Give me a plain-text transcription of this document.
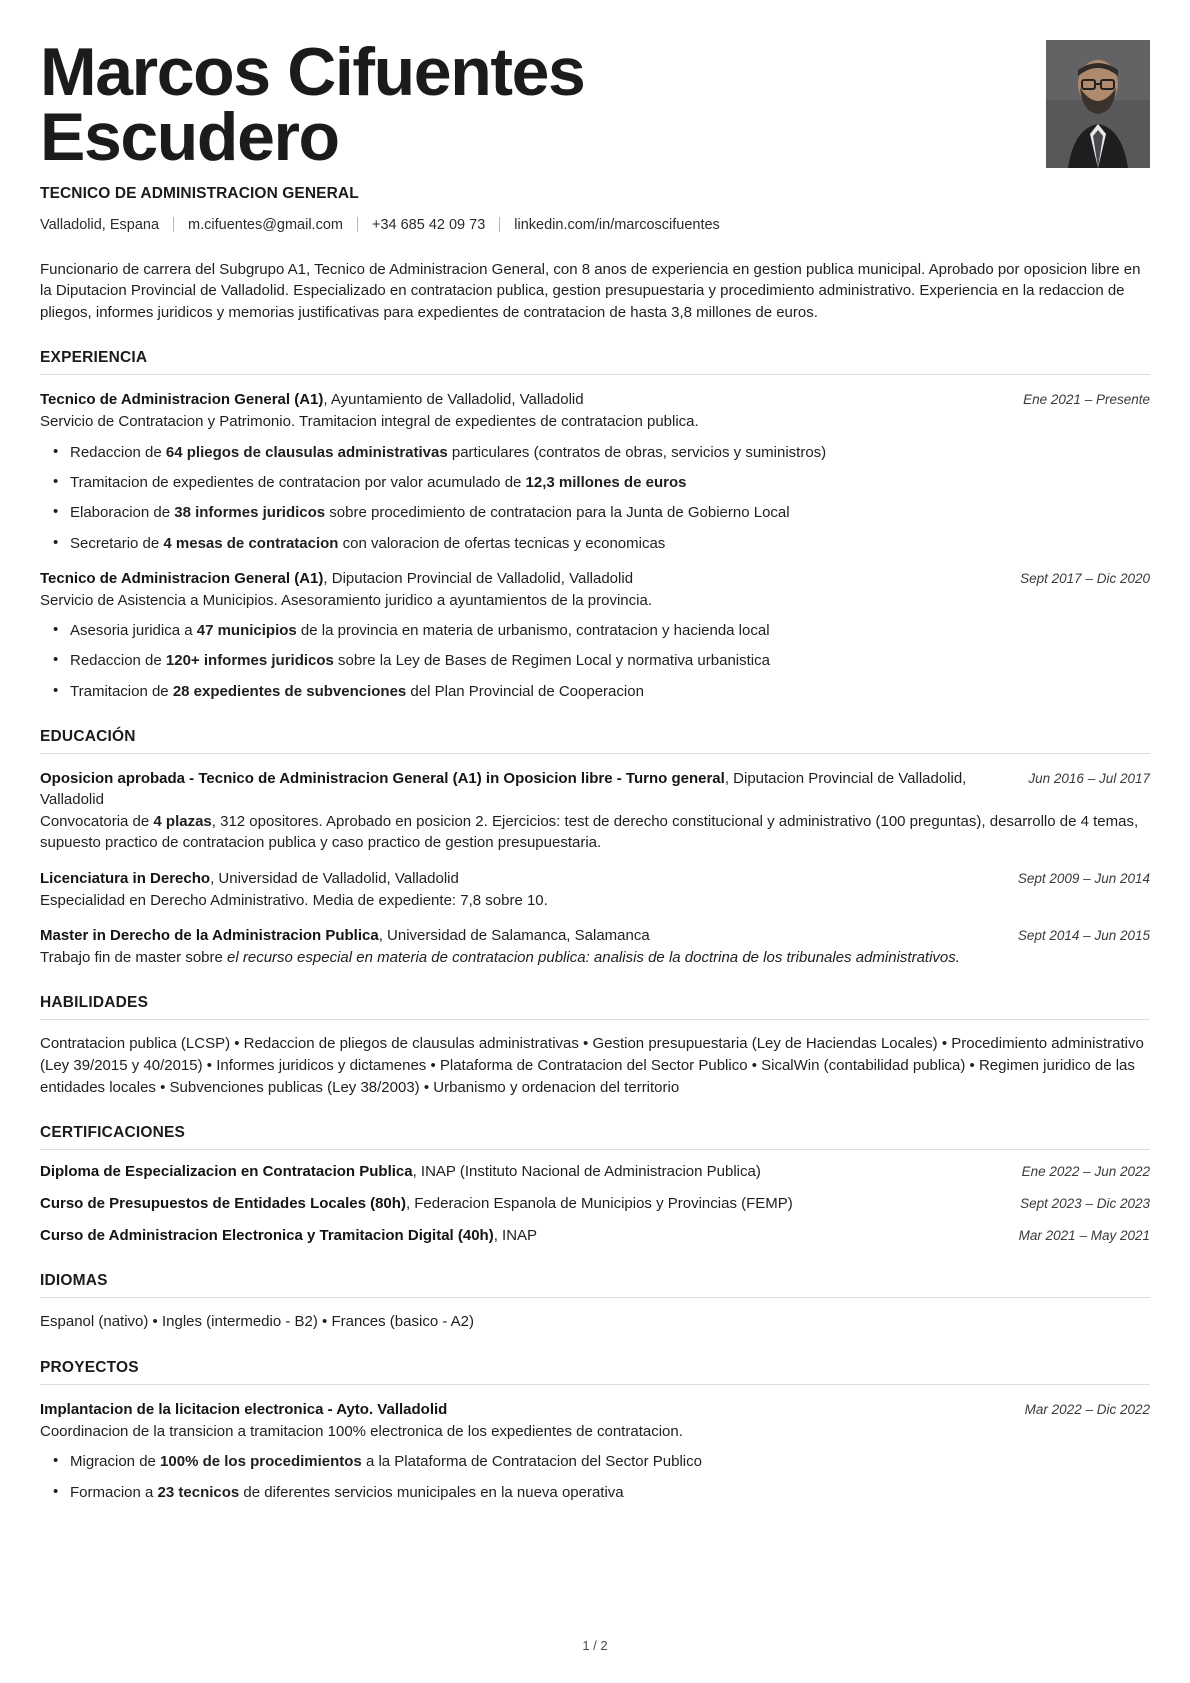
Marcos Cifuentes Escudero
TECNICO DE ADMINISTRACION GENERAL
Valladolid, Espana m.cifuentes@gmail.com +34 685 42 09 73 linkedin.com/in/marcoscifuentes
Funcionario de carrera del Subgrupo A1, Tecnico de Administracion General, con 8 anos de experiencia en gestion publica municipal. Aprobado por oposicion libre en la Diputacion Provincial de Valladolid. Especializado en contratacion publica, gestion presupuestaria y procedimiento administrativo. Experiencia en la redaccion de pliegos, informes juridicos y memorias justificativas para expedientes de contratacion de hasta 3,8 millones de euros.
EXPERIENCIA
Tecnico de Administracion General (A1), Ayuntamiento de Valladolid, Valladolid	Ene 2021 – Presente
Servicio de Contratacion y Patrimonio. Tramitacion integral de expedientes de contratacion publica.
• Redaccion de 64 pliegos de clausulas administrativas particulares (contratos de obras, servicios y suministros)
• Tramitacion de expedientes de contratacion por valor acumulado de 12,3 millones de euros
• Elaboracion de 38 informes juridicos sobre procedimiento de contratacion para la Junta de Gobierno Local
• Secretario de 4 mesas de contratacion con valoracion de ofertas tecnicas y economicas
Tecnico de Administracion General (A1), Diputacion Provincial de Valladolid, Valladolid	Sept 2017 – Dic 2020
Servicio de Asistencia a Municipios. Asesoramiento juridico a ayuntamientos de la provincia.
• Asesoria juridica a 47 municipios de la provincia en materia de urbanismo, contratacion y hacienda local
• Redaccion de 120+ informes juridicos sobre la Ley de Bases de Regimen Local y normativa urbanistica
• Tramitacion de 28 expedientes de subvenciones del Plan Provincial de Cooperacion
EDUCACIÓN
Oposicion aprobada - Tecnico de Administracion General (A1) in Oposicion libre - Turno general, Diputacion Provincial de Valladolid, Valladolid
Jun 2016 – Jul 2017
Convocatoria de 4 plazas, 312 opositores. Aprobado en posicion 2. Ejercicios: test de derecho constitucional y administrativo (100 preguntas), desarrollo de 4 temas, supuesto practico de contratacion publica y caso practico de gestion presupuestaria.
Licenciatura in Derecho, Universidad de Valladolid, Valladolid	Sept 2009 – Jun 2014
Especialidad en Derecho Administrativo. Media de expediente: 7,8 sobre 10.
Master in Derecho de la Administracion Publica, Universidad de Salamanca, Salamanca	Sept 2014 – Jun 2015
Trabajo fin de master sobre el recurso especial en materia de contratacion publica: analisis de la doctrina de los tribunales administrativos.
HABILIDADES
Contratacion publica (LCSP) • Redaccion de pliegos de clausulas administrativas • Gestion presupuestaria (Ley de Haciendas Locales) • Procedimiento administrativo (Ley 39/2015 y 40/2015) • Informes juridicos y dictamenes • Plataforma de Contratacion del Sector Publico • SicalWin (contabilidad publica) • Regimen juridico de las entidades locales • Subvenciones publicas (Ley 38/2003) • Urbanismo y ordenacion del territorio
CERTIFICACIONES
Diploma de Especializacion en Contratacion Publica, INAP (Instituto Nacional de Administracion Publica)	Ene 2022 – Jun 2022
Curso de Presupuestos de Entidades Locales (80h), Federacion Espanola de Municipios y Provincias (FEMP)	Sept 2023 – Dic 2023
Curso de Administracion Electronica y Tramitacion Digital (40h), INAP	Mar 2021 – May 2021
IDIOMAS
Espanol (nativo) • Ingles (intermedio - B2) • Frances (basico - A2)
PROYECTOS
Implantacion de la licitacion electronica - Ayto. Valladolid	Mar 2022 – Dic 2022
Coordinacion de la transicion a tramitacion 100% electronica de los expedientes de contratacion.
• Migracion de 100% de los procedimientos a la Plataforma de Contratacion del Sector Publico
• Formacion a 23 tecnicos de diferentes servicios municipales en la nueva operativa
1 / 2
